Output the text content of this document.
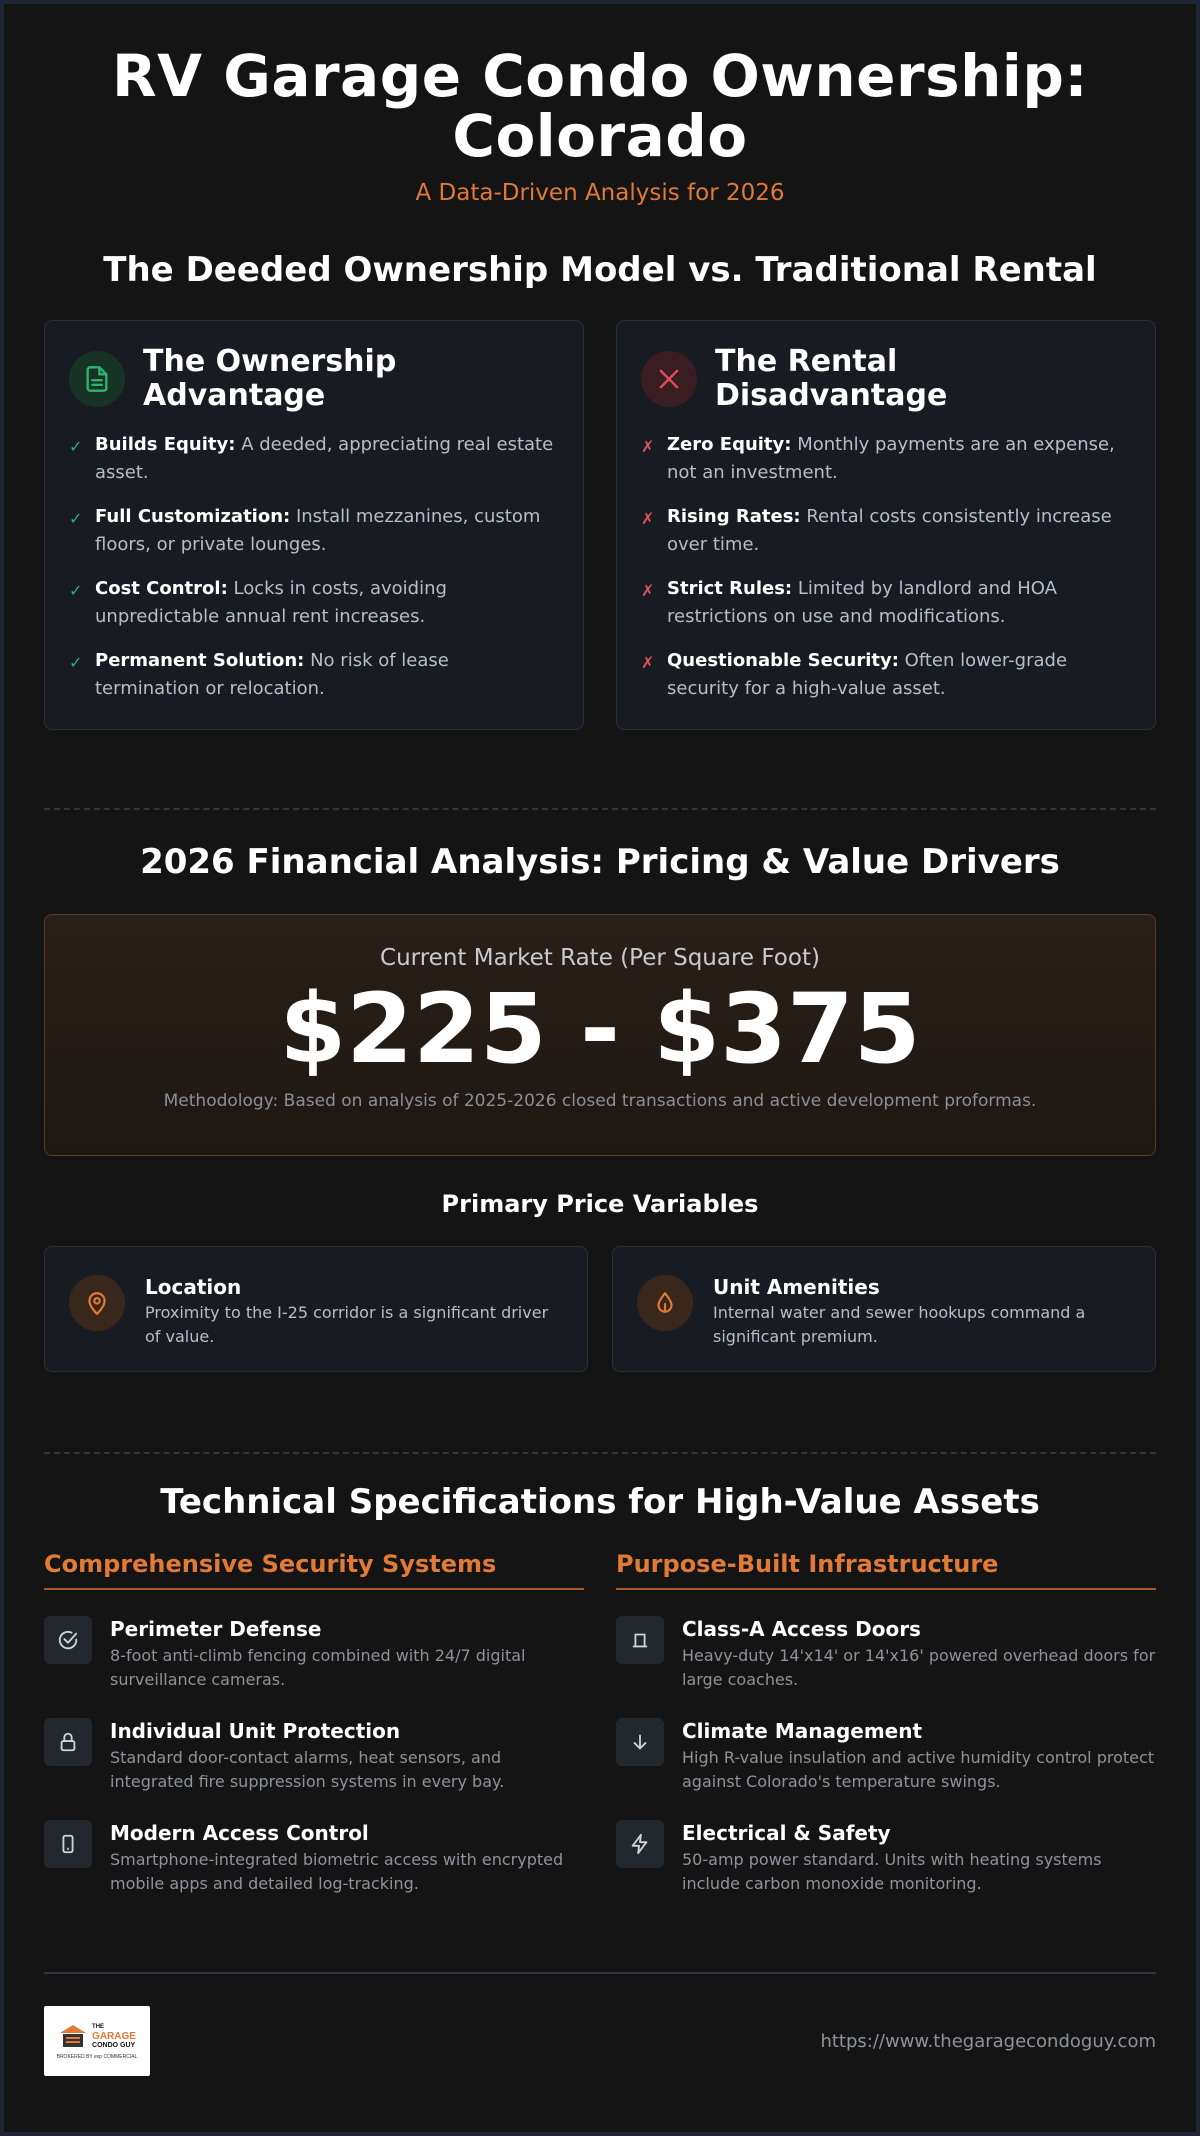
RV Garage Condo Ownership: Colorado
A Data-Driven Analysis for 2026
The Deeded Ownership Model vs. Traditional Rental
The Ownership Advantage
✓ Builds Equity: A deeded, appreciating real estate asset.
✓ Full Customization: Install mezzanines, custom floors, or private lounges.
✓ Cost Control: Locks in costs, avoiding unpredictable annual rent increases.
✓ Permanent Solution: No risk of lease termination or relocation.
The Rental Disadvantage
✗ Zero Equity: Monthly payments are an expense, not an investment.
✗ Rising Rates: Rental costs consistently increase over time.
✗ Strict Rules: Limited by landlord and HOA restrictions on use and modifications.
✗ Questionable Security: Often lower-grade security for a high-value asset.
2026 Financial Analysis: Pricing & Value Drivers
Current Market Rate (Per Square Foot)
$225 - $375
Methodology: Based on analysis of 2025-2026 closed transactions and active development proformas.
Primary Price Variables
Location
Proximity to the I-25 corridor is a significant driver of value.
Unit Amenities
Internal water and sewer hookups command a significant premium.
Technical Specifications for High-Value Assets
Comprehensive Security Systems
Perimeter Defense
8-foot anti-climb fencing combined with 24/7 digital surveillance cameras.
Individual Unit Protection
Standard door-contact alarms, heat sensors, and integrated fire suppression systems in every bay.
Modern Access Control
Smartphone-integrated biometric access with encrypted mobile apps and detailed log-tracking.
Purpose-Built Infrastructure
Class-A Access Doors
Heavy-duty 14'x14' or 14'x16' powered overhead doors for large coaches.
Climate Management
High R-value insulation and active humidity control protect against Colorado's temperature swings.
Electrical & Safety
50-amp power standard. Units with heating systems include carbon monoxide monitoring.
THE
GARAGE
CONDO GUY
BROKERED BY exp COMMERCIAL
https://www.thegaragecondoguy.com
